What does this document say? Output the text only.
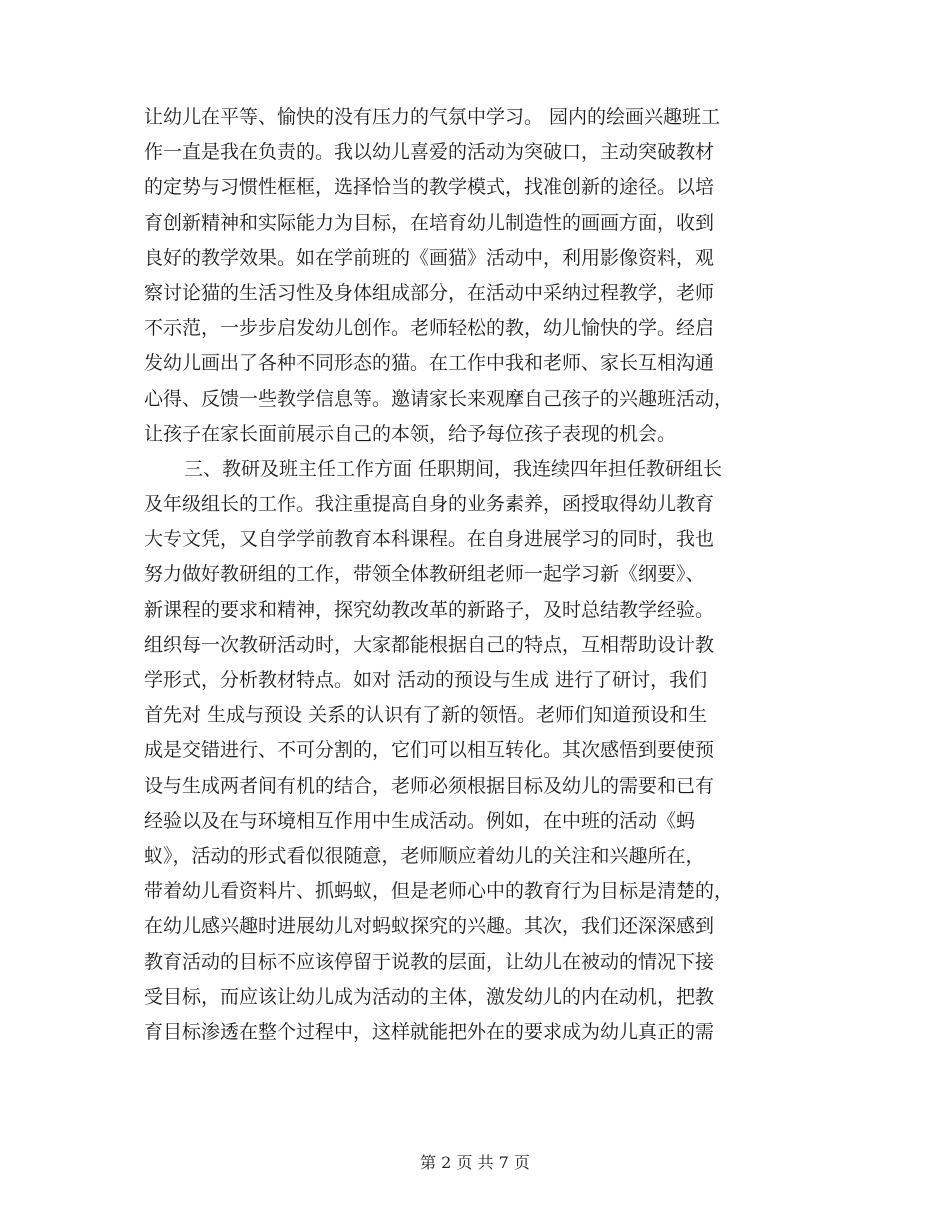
让幼儿在平等、愉快的没有压力的气氛中学习。 园内的绘画兴趣班工
作一直是我在负责的。我以幼儿喜爱的活动为突破口，主动突破教材
的定势与习惯性框框，选择恰当的教学模式，找准创新的途径。以培
育创新精神和实际能力为目标，在培育幼儿制造性的画画方面，收到
良好的教学效果。如在学前班的《画猫》活动中，利用影像资料，观
察讨论猫的生活习性及身体组成部分，在活动中采纳过程教学，老师
不示范，一步步启发幼儿创作。老师轻松的教，幼儿愉快的学。经启
发幼儿画出了各种不同形态的猫。在工作中我和老师、家长互相沟通
心得、反馈一些教学信息等。邀请家长来观摩自己孩子的兴趣班活动，
让孩子在家长面前展示自己的本领，给予每位孩子表现的机会。
三、教研及班主任工作方面 任职期间，我连续四年担任教研组长
及年级组长的工作。我注重提高自身的业务素养，函授取得幼儿教育
大专文凭，又自学学前教育本科课程。在自身进展学习的同时，我也
努力做好教研组的工作，带领全体教研组老师一起学习新《纲要》、
新课程的要求和精神，探究幼教改革的新路子，及时总结教学经验。
组织每一次教研活动时，大家都能根据自己的特点，互相帮助设计教
学形式，分析教材特点。如对 活动的预设与生成 进行了研讨，我们
首先对 生成与预设 关系的认识有了新的领悟。老师们知道预设和生
成是交错进行、不可分割的，它们可以相互转化。其次感悟到要使预
设与生成两者间有机的结合，老师必须根据目标及幼儿的需要和已有
经验以及在与环境相互作用中生成活动。例如，在中班的活动《蚂
蚁》，活动的形式看似很随意，老师顺应着幼儿的关注和兴趣所在，
带着幼儿看资料片、抓蚂蚁，但是老师心中的教育行为目标是清楚的，
在幼儿感兴趣时进展幼儿对蚂蚁探究的兴趣。其次，我们还深深感到
教育活动的目标不应该停留于说教的层面，让幼儿在被动的情况下接
受目标，而应该让幼儿成为活动的主体，激发幼儿的内在动机，把教
育目标渗透在整个过程中，这样就能把外在的要求成为幼儿真正的需
第 2 页 共 7 页
